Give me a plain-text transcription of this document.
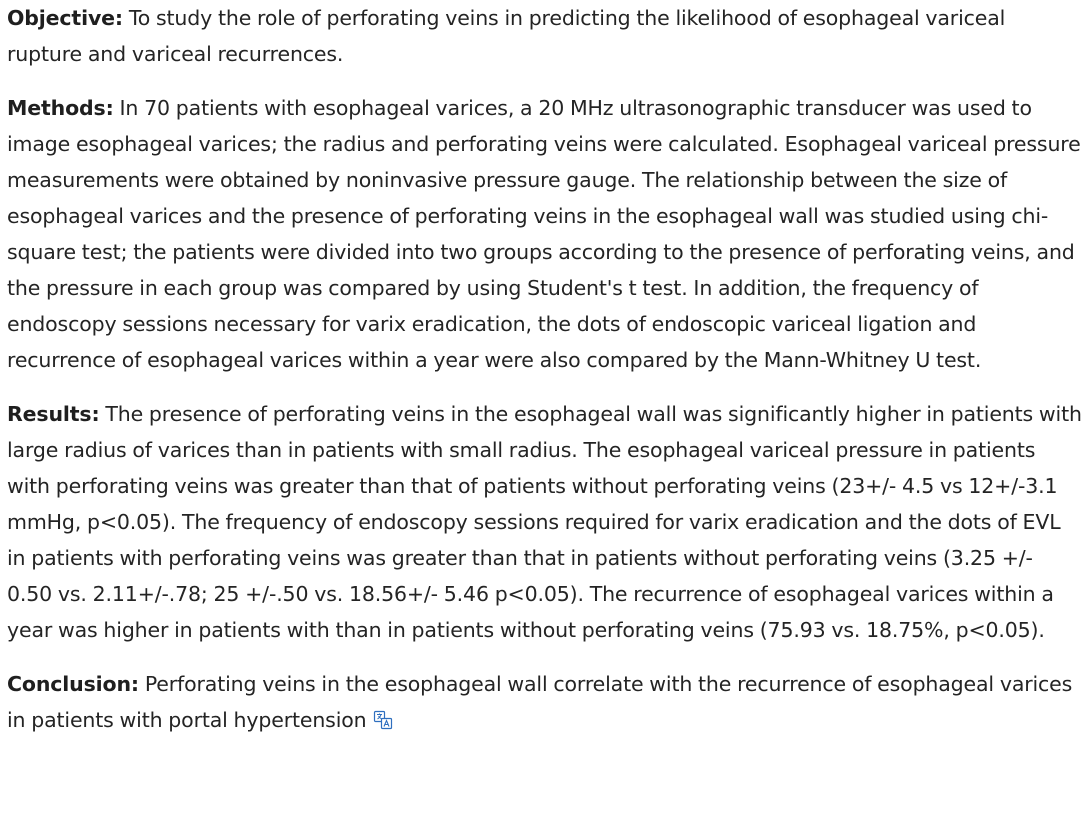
Objective: To study the role of perforating veins in predicting the likelihood of esophageal variceal rupture and variceal recurrences.

Methods: In 70 patients with esophageal varices, a 20 MHz ultrasonographic transducer was used to image esophageal varices; the radius and perforating veins were calculated. Esophageal variceal pressure measurements were obtained by noninvasive pressure gauge. The relationship between the size of esophageal varices and the presence of perforating veins in the esophageal wall was studied using chi-square test; the patients were divided into two groups according to the presence of perforating veins, and the pressure in each group was compared by using Student's t test. In addition, the frequency of endoscopy sessions necessary for varix eradication, the dots of endoscopic variceal ligation and recurrence of esophageal varices within a year were also compared by the Mann-Whitney U test.

Results: The presence of perforating veins in the esophageal wall was significantly higher in patients with large radius of varices than in patients with small radius. The esophageal variceal pressure in patients with perforating veins was greater than that of patients without perforating veins (23+/- 4.5 vs 12+/-3.1 mmHg, p<0.05). The frequency of endoscopy sessions required for varix eradication and the dots of EVL in patients with perforating veins was greater than that in patients without perforating veins (3.25 +/- 0.50 vs. 2.11+/-.78; 25 +/-.50 vs. 18.56+/- 5.46 p<0.05). The recurrence of esophageal varices within a year was higher in patients with than in patients without perforating veins (75.93 vs. 18.75%, p<0.05).

Conclusion: Perforating veins in the esophageal wall correlate with the recurrence of esophageal varices in patients with portal hypertension
